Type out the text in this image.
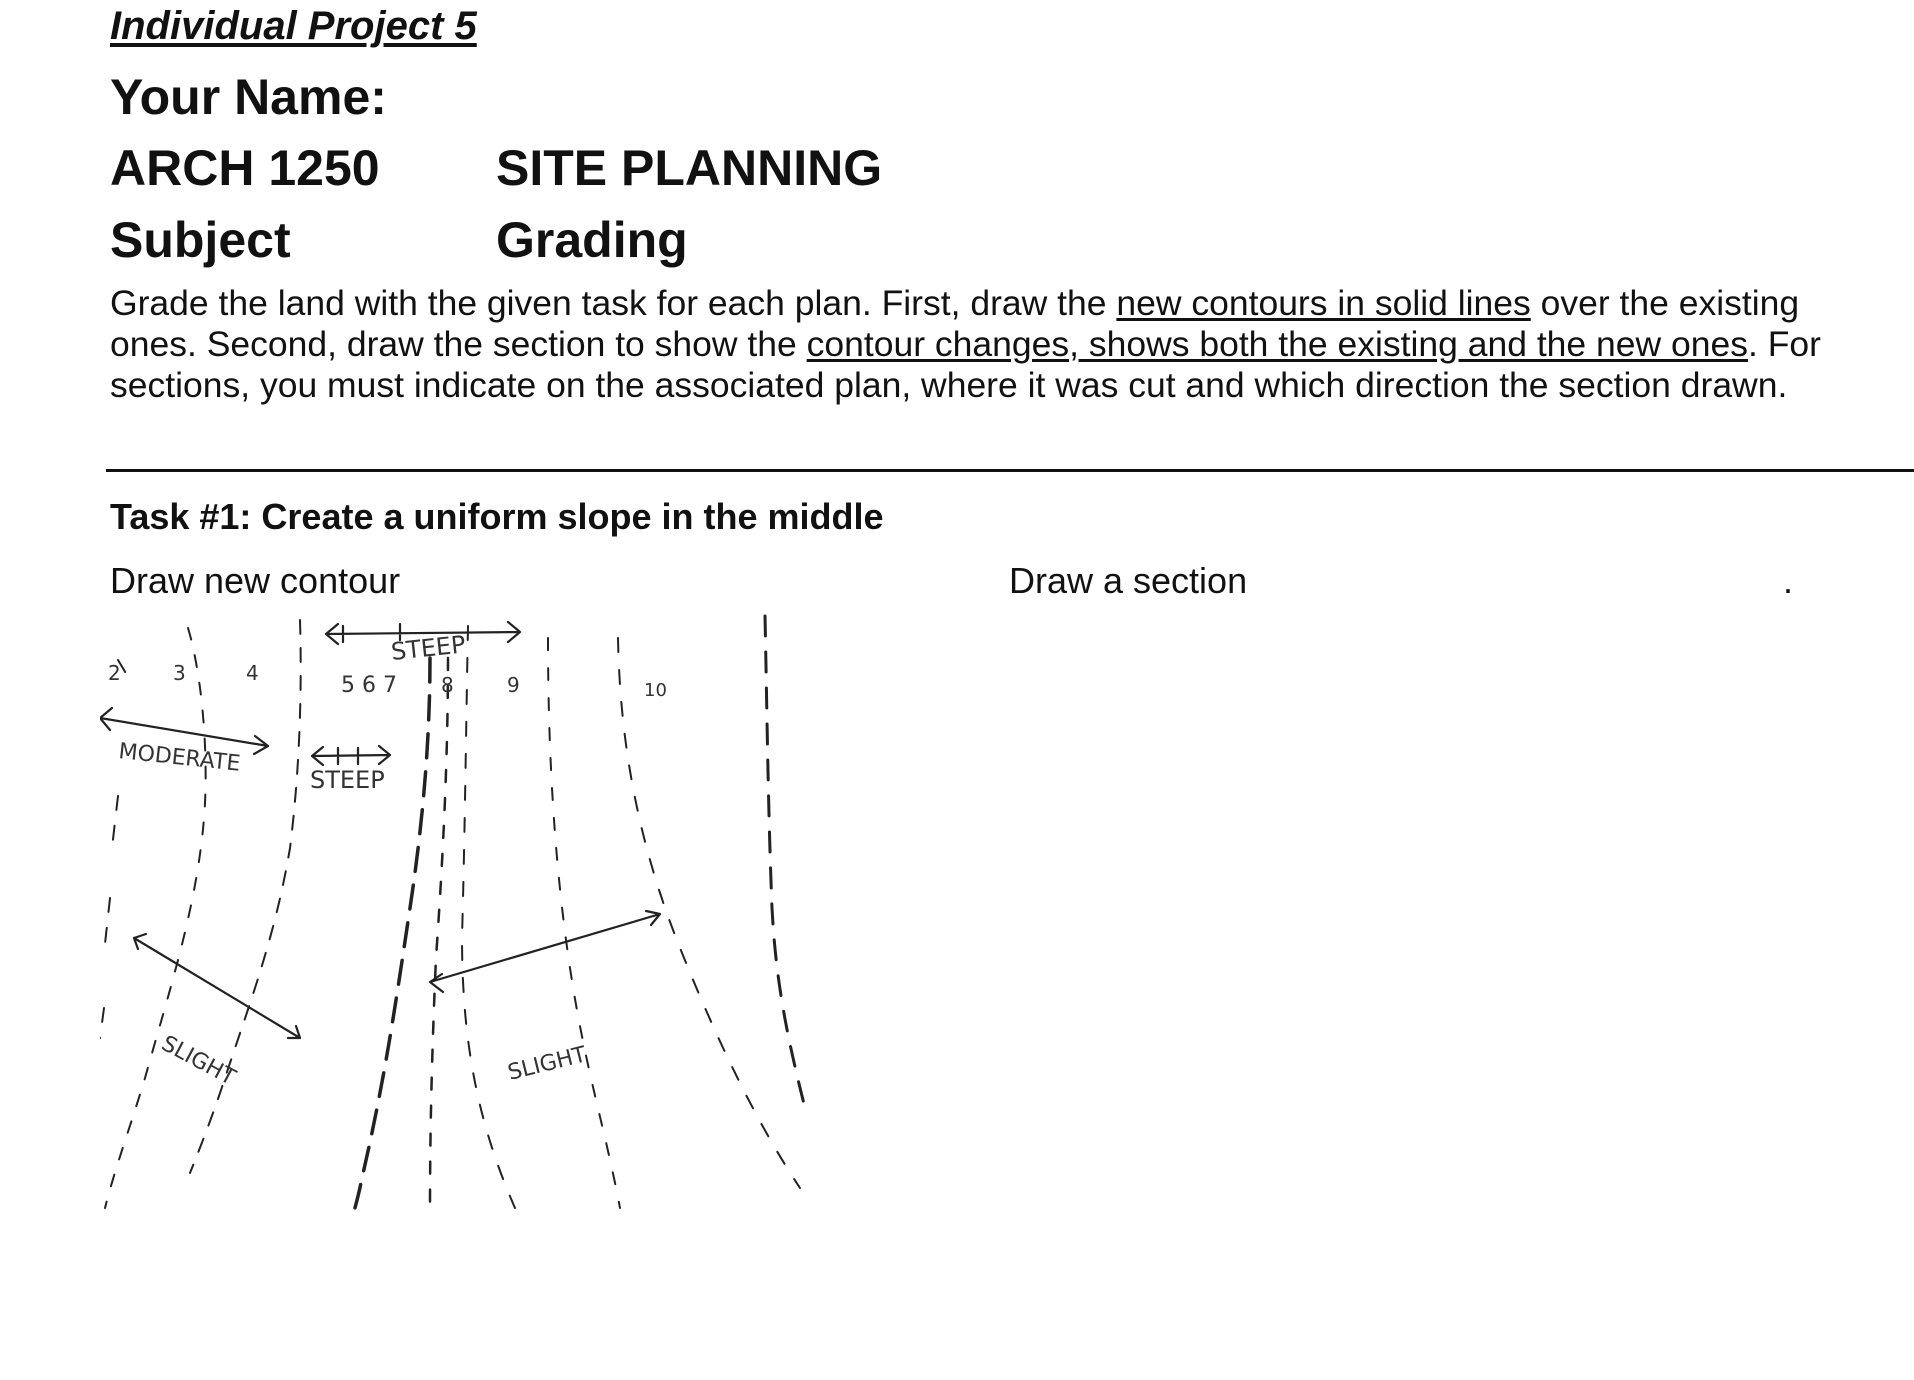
Individual Project 5
Your Name:
ARCH 1250 SITE PLANNING
Subject	Grading
Grade the land with the given task for each plan. First, draw the new contours in solid lines over the existing ones. Second, draw the section to show the contour changes, shows both the existing and the new ones. For sections, you must indicate on the associated plan, where it was cut and which direction the section drawn.
Task #1: Create a uniform slope in the middle
Draw new contour	Draw a section	.
2	3	4	5 6 7 8	9	10
MODERATE
STEEP
STEEP
SLIGHT	SLIGHT
